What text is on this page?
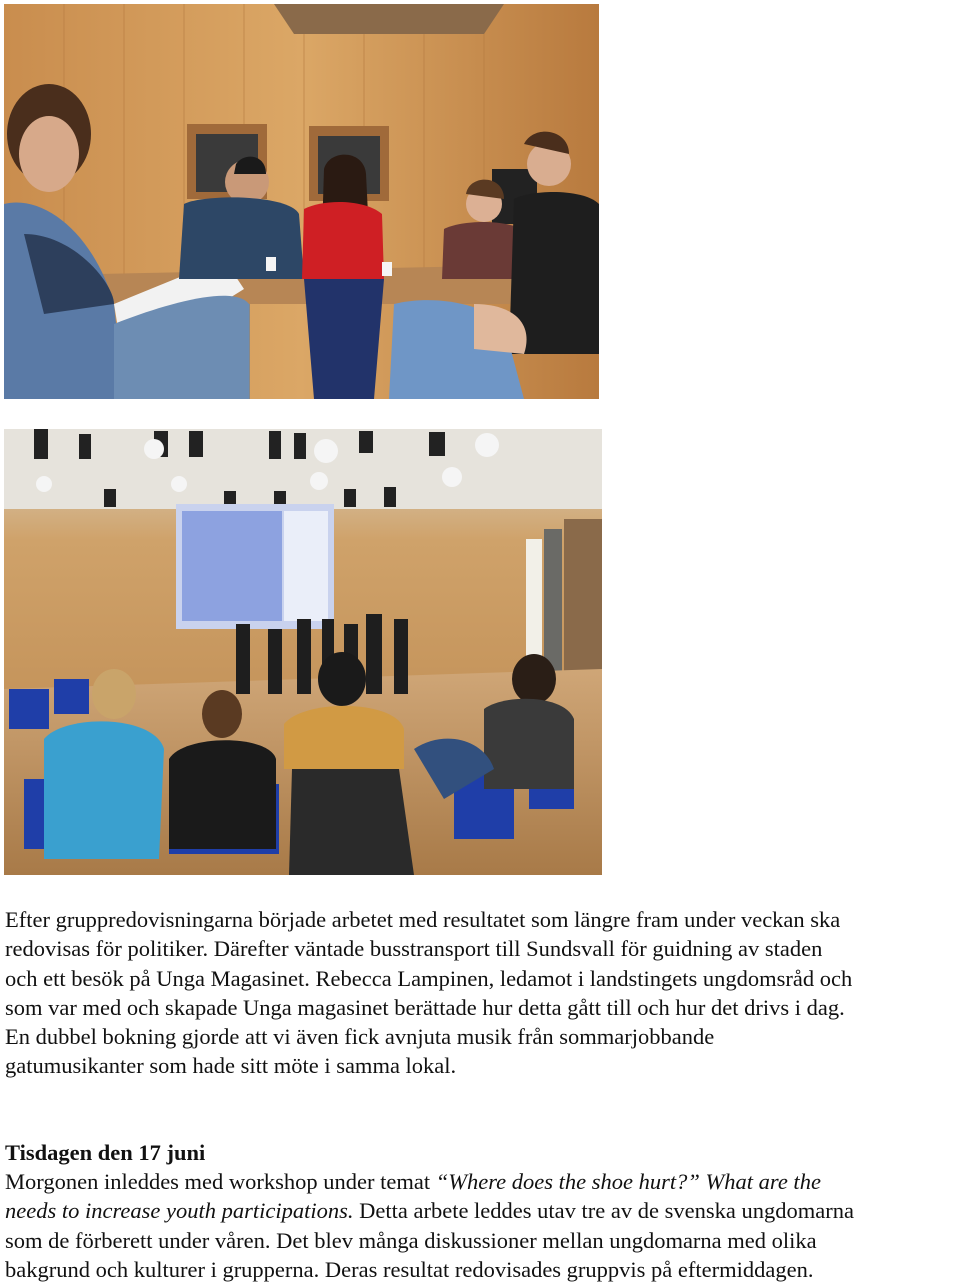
Efter gruppredovisningarna började arbetet med resultatet som längre fram under veckan ska
redovisas för politiker. Därefter väntade busstransport till Sundsvall för guidning av staden
och ett besök på Unga Magasinet. Rebecca Lampinen, ledamot i landstingets ungdomsråd och
som var med och skapade Unga magasinet berättade hur detta gått till och hur det drivs i dag.
En dubbel bokning gjorde att vi även fick avnjuta musik från sommarjobbande
gatumusikanter som hade sitt möte i samma lokal.
Tisdagen den 17 juni
Morgonen inleddes med workshop under temat “Where does the shoe hurt?” What are the
needs to increase youth participations. Detta arbete leddes utav tre av de svenska ungdomarna
som de förberett under våren. Det blev många diskussioner mellan ungdomarna med olika
bakgrund och kulturer i grupperna. Deras resultat redovisades gruppvis på eftermiddagen.
